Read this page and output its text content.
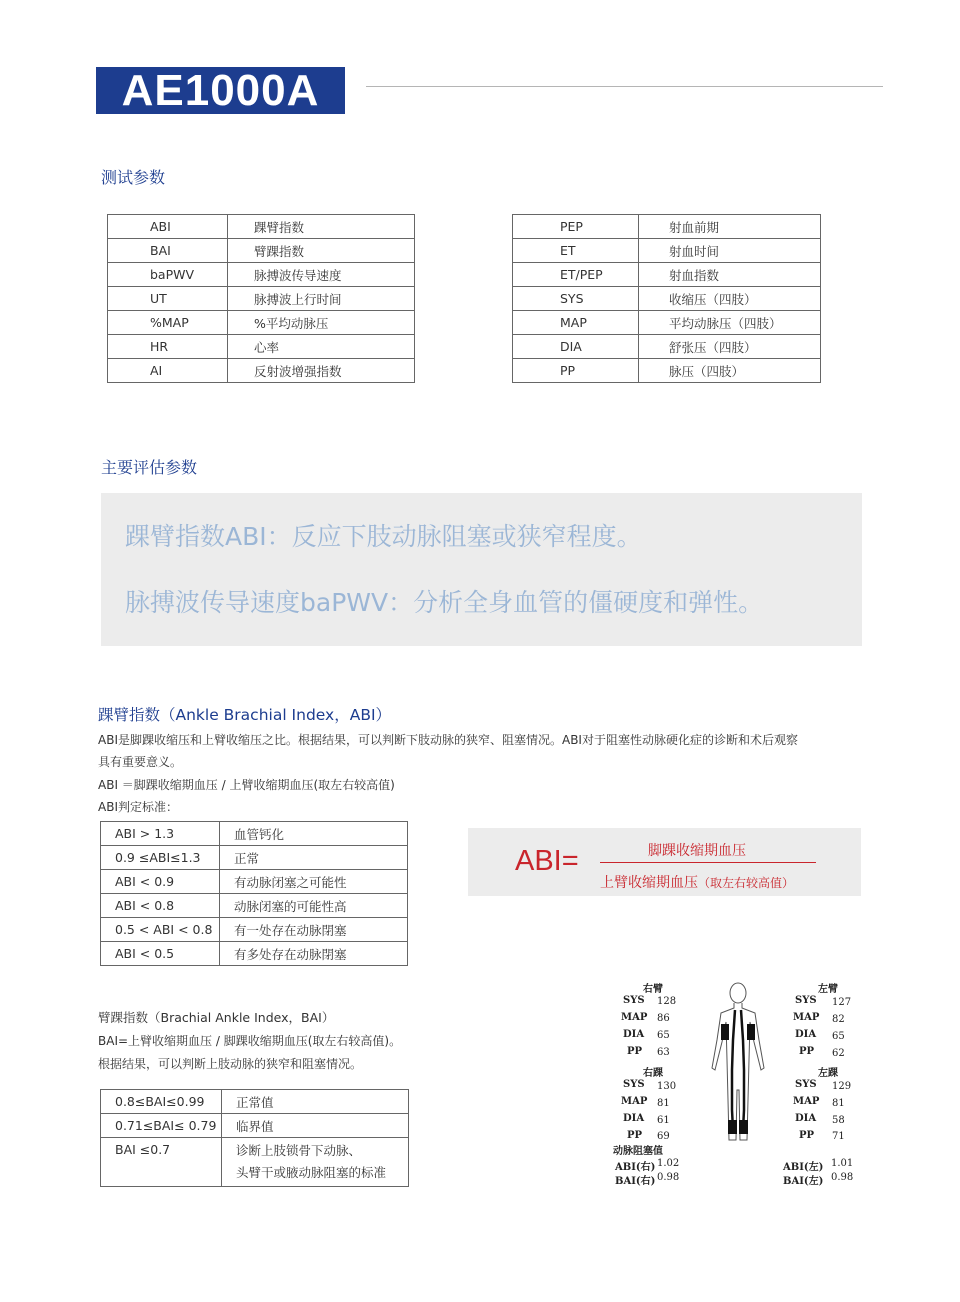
AE1000A
测试参数
ABI	踝臂指数
BAI	臂踝指数
baPWV	脉搏波传导速度
UT	脉搏波上行时间
%MAP	%平均动脉压
HR	心率
AI	反射波增强指数
PEP	射血前期
ET	射血时间
ET/PEP	射血指数
SYS	收缩压（四肢）
MAP	平均动脉压（四肢）
DIA	舒张压（四肢）
PP	脉压（四肢）
主要评估参数
踝臂指数ABI：反应下肢动脉阻塞或狭窄程度。
脉搏波传导速度baPWV：分析全身血管的僵硬度和弹性。
踝臂指数（Ankle Brachial Index，ABI）
ABI是脚踝收缩压和上臂收缩压之比。根据结果，可以判断下肢动脉的狭窄、阻塞情况。ABI对于阻塞性动脉硬化症的诊断和术后观察
具有重要意义。
ABI ＝脚踝收缩期血压 / 上臂收缩期血压(取左右较高值)
ABI判定标准：
ABI > 1.3	血管钙化
0.9 ≤ABI≤1.3	正常
ABI < 0.9	有动脉闭塞之可能性
ABI < 0.8	动脉闭塞的可能性高
0.5 < ABI < 0.8	有一处存在动脉閉塞
ABI < 0.5	有多处存在动脉閉塞
ABI=	脚踝收缩期血压
上臂收缩期血压（取左右较高值）
臂踝指数（Brachial Ankle Index，BAI）
BAI=上臂收缩期血压 / 脚踝收缩期血压(取左右较高值)。
根据结果，可以判断上肢动脉的狭窄和阻塞情况。
0.8≤BAI≤0.99	正常值
0.71≤BAI≤ 0.79	临界值
BAI ≤0.7	诊断上肢锁骨下动脉、
头臂干或腋动脉阻塞的标准
右臂	左臂
SYS 128
MAP 86
DIA 65
PP 63
SYS 127
MAP 82
DIA 65
PP 62
右踝	左踝
SYS 130
MAP 81
DIA 61
PP 69
SYS 129
MAP 81
DIA 58
PP 71
动脉阻塞值
ABI(右) 1.02
BAI(右) 0.98
ABI(左) 1.01
BAI(左) 0.98
